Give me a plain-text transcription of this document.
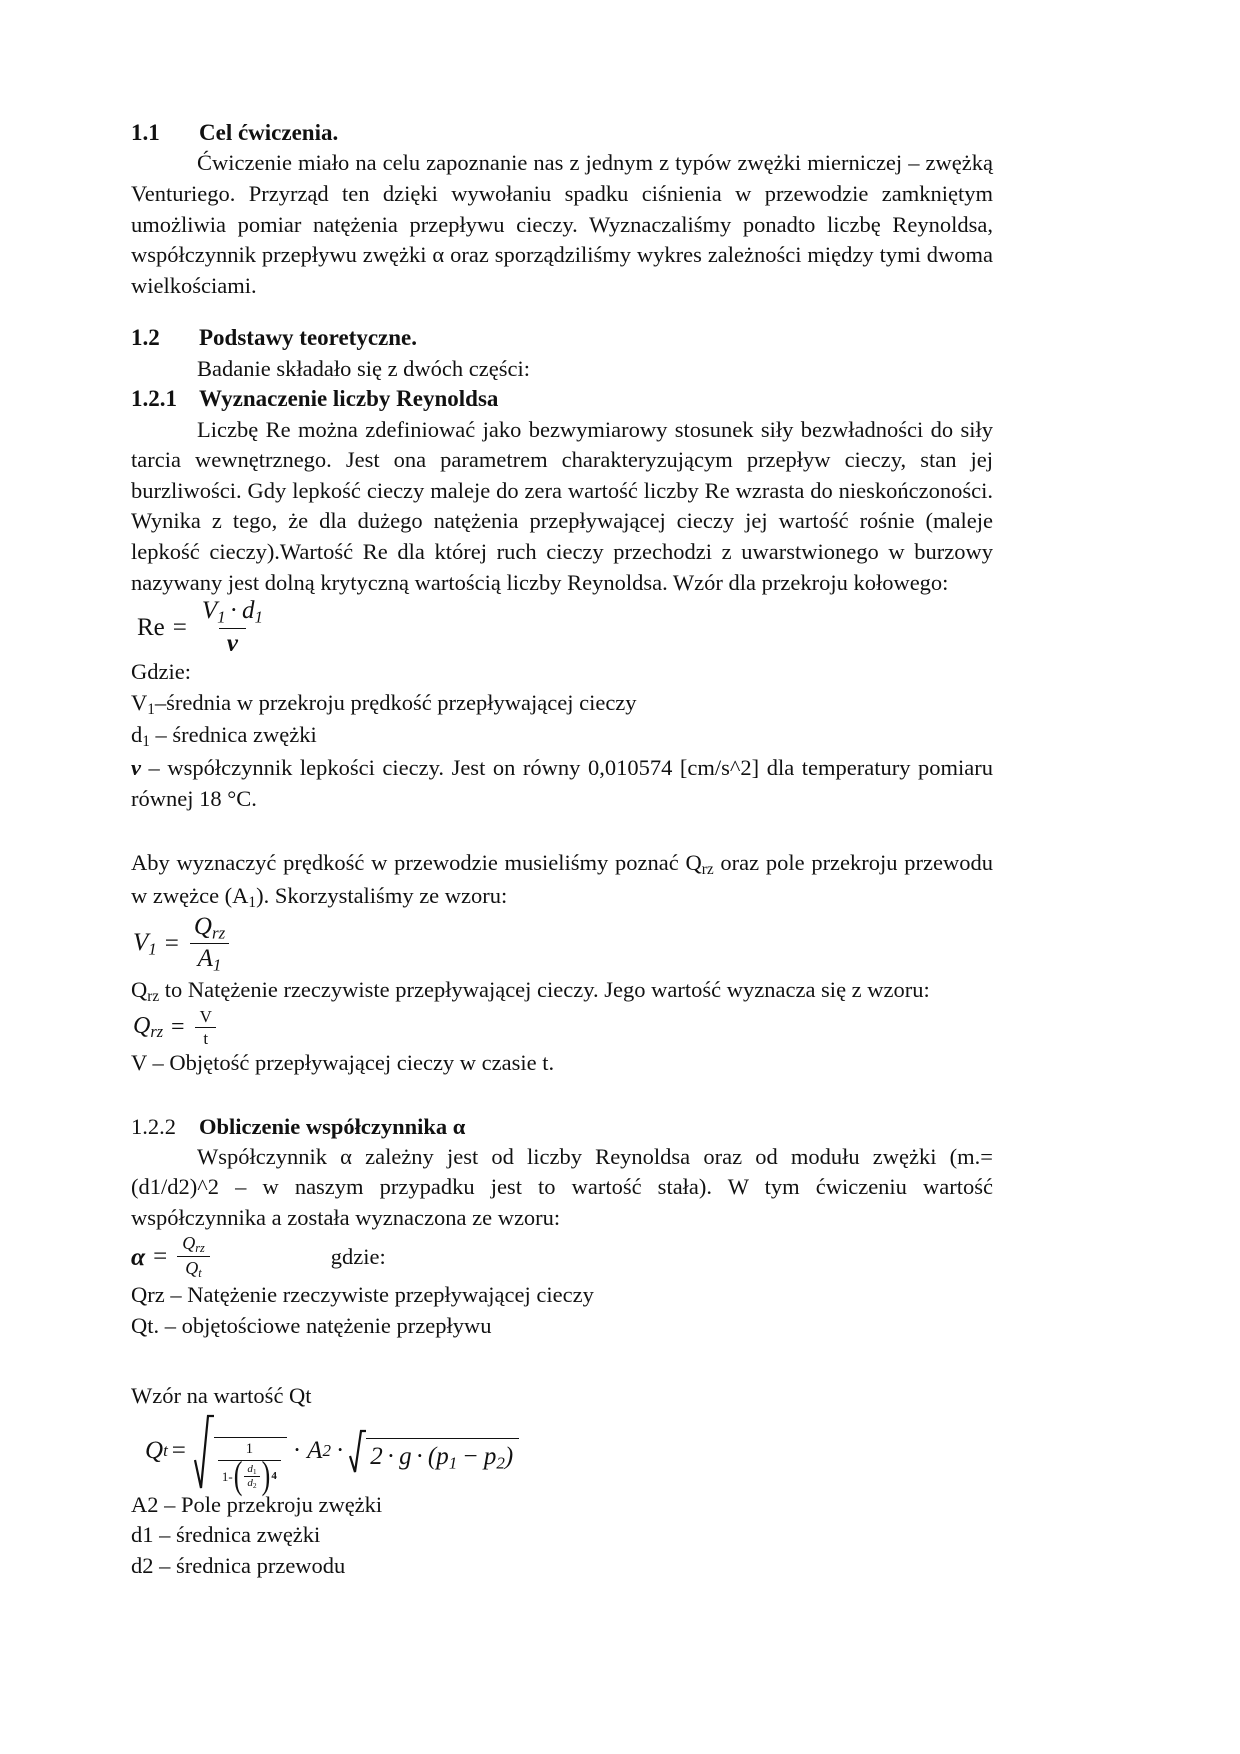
1.1	Cel ćwiczenia.

Ćwiczenie miało na celu zapoznanie nas z jednym z typów zwężki mierniczej – zwężką Venturiego. Przyrząd ten dzięki wywołaniu spadku ciśnienia w przewodzie zamkniętym umożliwia pomiar natężenia przepływu cieczy. Wyznaczaliśmy ponadto liczbę Reynoldsa, współczynnik przepływu zwężki α oraz sporządziliśmy wykres zależności między tymi dwoma wielkościami.

1.2	Podstawy teoretyczne.

Badanie składało się z dwóch części:

1.2.1 Wyznaczenie liczby Reynoldsa

Liczbę Re można zdefiniować jako bezwymiarowy stosunek siły bezwładności do siły tarcia wewnętrznego. Jest ona parametrem charakteryzującym przepływ cieczy, stan jej burzliwości. Gdy lepkość cieczy maleje do zera wartość liczby Re wzrasta do nieskończoności. Wynika z tego, że dla dużego natężenia przepływającej cieczy jej wartość rośnie (maleje lepkość cieczy).Wartość Re dla której ruch cieczy przechodzi z uwarstwionego w burzowy nazywany jest dolną krytyczną wartością liczby Reynoldsa. Wzór dla przekroju kołowego:

$Re = \frac{V_1 \cdot d_1}{\nu}$

Gdzie:

$V_1$–średnia w przekroju prędkość przepływającej cieczy

$d_1$ – średnica zwężki

ν – współczynnik lepkości cieczy. Jest on równy 0,010574 [cm/s^2] dla temperatury pomiaru równej 18 °C.

Aby wyznaczyć prędkość w przewodzie musieliśmy poznać $Q_{rz}$ oraz pole przekroju przewodu w zwężce $(A_1)$. Skorzystaliśmy ze wzoru:

$V_1 = \frac{Q_{rz}}{A_1}$

$Q_{rz}$ to Natężenie rzeczywiste przepływającej cieczy. Jego wartość wyznacza się z wzoru:

$Q_{rz} = \frac{V}{t}$

V – Objętość przepływającej cieczy w czasie t.

1.2.2	Obliczenie współczynnika α

Współczynnik α zależny jest od liczby Reynoldsa oraz od modułu zwężki (m.=(d1/d2)^2 – w naszym przypadku jest to wartość stała). W tym ćwiczeniu wartość współczynnika a została wyznaczona ze wzoru:

$\alpha = \frac{Q_{rz}}{Q_t}$	gdzie:

Qrz – Natężenie rzeczywiste przepływającej cieczy

Qt. – objętościowe natężenie przepływu

Wzór na wartość Qt

Q t =	1
1- ( $\frac{d_1}{d_2}$ ) 4
· A $2 \cdot 2 \cdot g \cdot (p_1 - p_2)$

A2 – Pole przekroju zwężki

d1 – średnica zwężki

d2 – średnica przewodu
